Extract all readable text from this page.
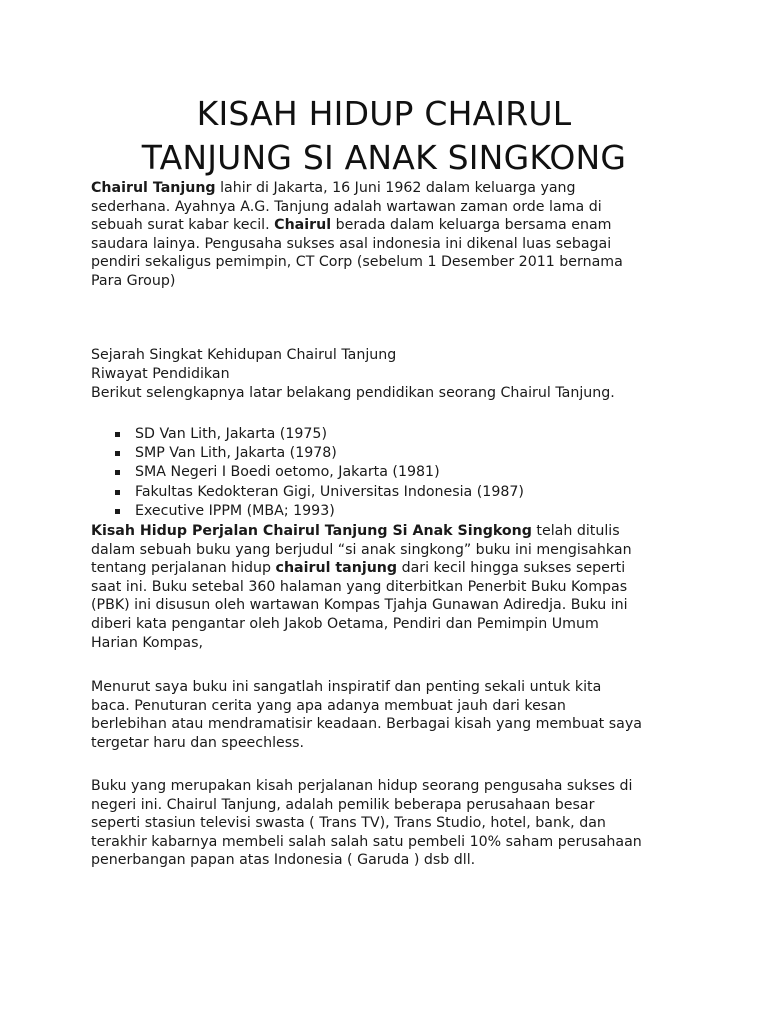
KISAH HIDUP CHAIRUL
TANJUNG SI ANAK SINGKONG

Chairul Tanjung lahir di Jakarta, 16 Juni 1962 dalam keluarga yang
sederhana. Ayahnya A.G. Tanjung adalah wartawan zaman orde lama di
sebuah surat kabar kecil. Chairul berada dalam keluarga bersama enam
saudara lainya. Pengusaha sukses asal indonesia ini dikenal luas sebagai
pendiri sekaligus pemimpin, CT Corp (sebelum 1 Desember 2011 bernama
Para Group)

Sejarah Singkat Kehidupan Chairul Tanjung

Riwayat Pendidikan

Berikut selengkapnya latar belakang pendidikan seorang Chairul Tanjung.

SD Van Lith, Jakarta (1975)
SMP Van Lith, Jakarta (1978)
SMA Negeri I Boedi oetomo, Jakarta (1981)
Fakultas Kedokteran Gigi, Universitas Indonesia (1987)
Executive IPPM (MBA; 1993)

Kisah Hidup Perjalan Chairul Tanjung Si Anak Singkong telah ditulis
dalam sebuah buku yang berjudul “si anak singkong” buku ini mengisahkan
tentang perjalanan hidup chairul tanjung dari kecil hingga sukses seperti
saat ini. Buku setebal 360 halaman yang diterbitkan Penerbit Buku Kompas
(PBK) ini disusun oleh wartawan Kompas Tjahja Gunawan Adiredja. Buku ini
diberi kata pengantar oleh Jakob Oetama, Pendiri dan Pemimpin Umum
Harian Kompas,

Menurut saya buku ini sangatlah inspiratif dan penting sekali untuk kita
baca. Penuturan cerita yang apa adanya membuat jauh dari kesan
berlebihan atau mendramatisir keadaan. Berbagai kisah yang membuat saya
tergetar haru dan speechless.

Buku yang merupakan kisah perjalanan hidup seorang pengusaha sukses di
negeri ini. Chairul Tanjung, adalah pemilik beberapa perusahaan besar
seperti stasiun televisi swasta ( Trans TV), Trans Studio, hotel, bank, dan
terakhir kabarnya membeli salah salah satu pembeli 10% saham perusahaan
penerbangan papan atas Indonesia ( Garuda ) dsb dll.
